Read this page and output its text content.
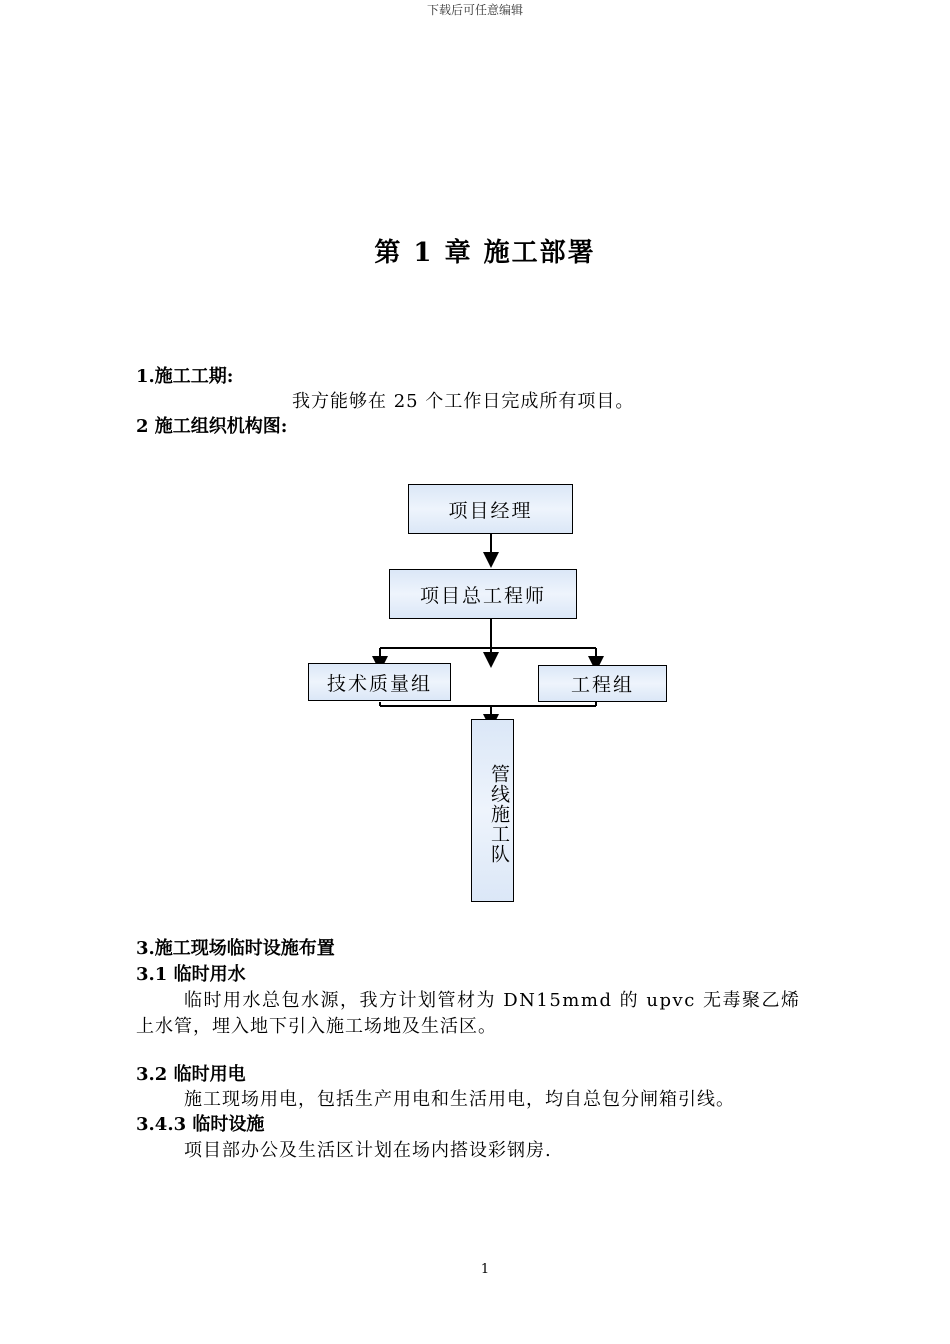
下载后可任意编辑
第 1 章 施工部署
1.施工工期:
我方能够在 25 个工作日完成所有项目。
2 施工组织机构图:
项目经理
项目总工程师
技术质量组	工程组
管线施工队
3.施工现场临时设施布置
3.1 临时用水
临时用水总包水源，我方计划管材为 DN15mmd 的 upvc 无毒聚乙烯
上水管，埋入地下引入施工场地及生活区。
3.2 临时用电
施工现场用电，包括生产用电和生活用电，均自总包分闸箱引线。
3.4.3 临时设施
项目部办公及生活区计划在场内搭设彩钢房.
1
